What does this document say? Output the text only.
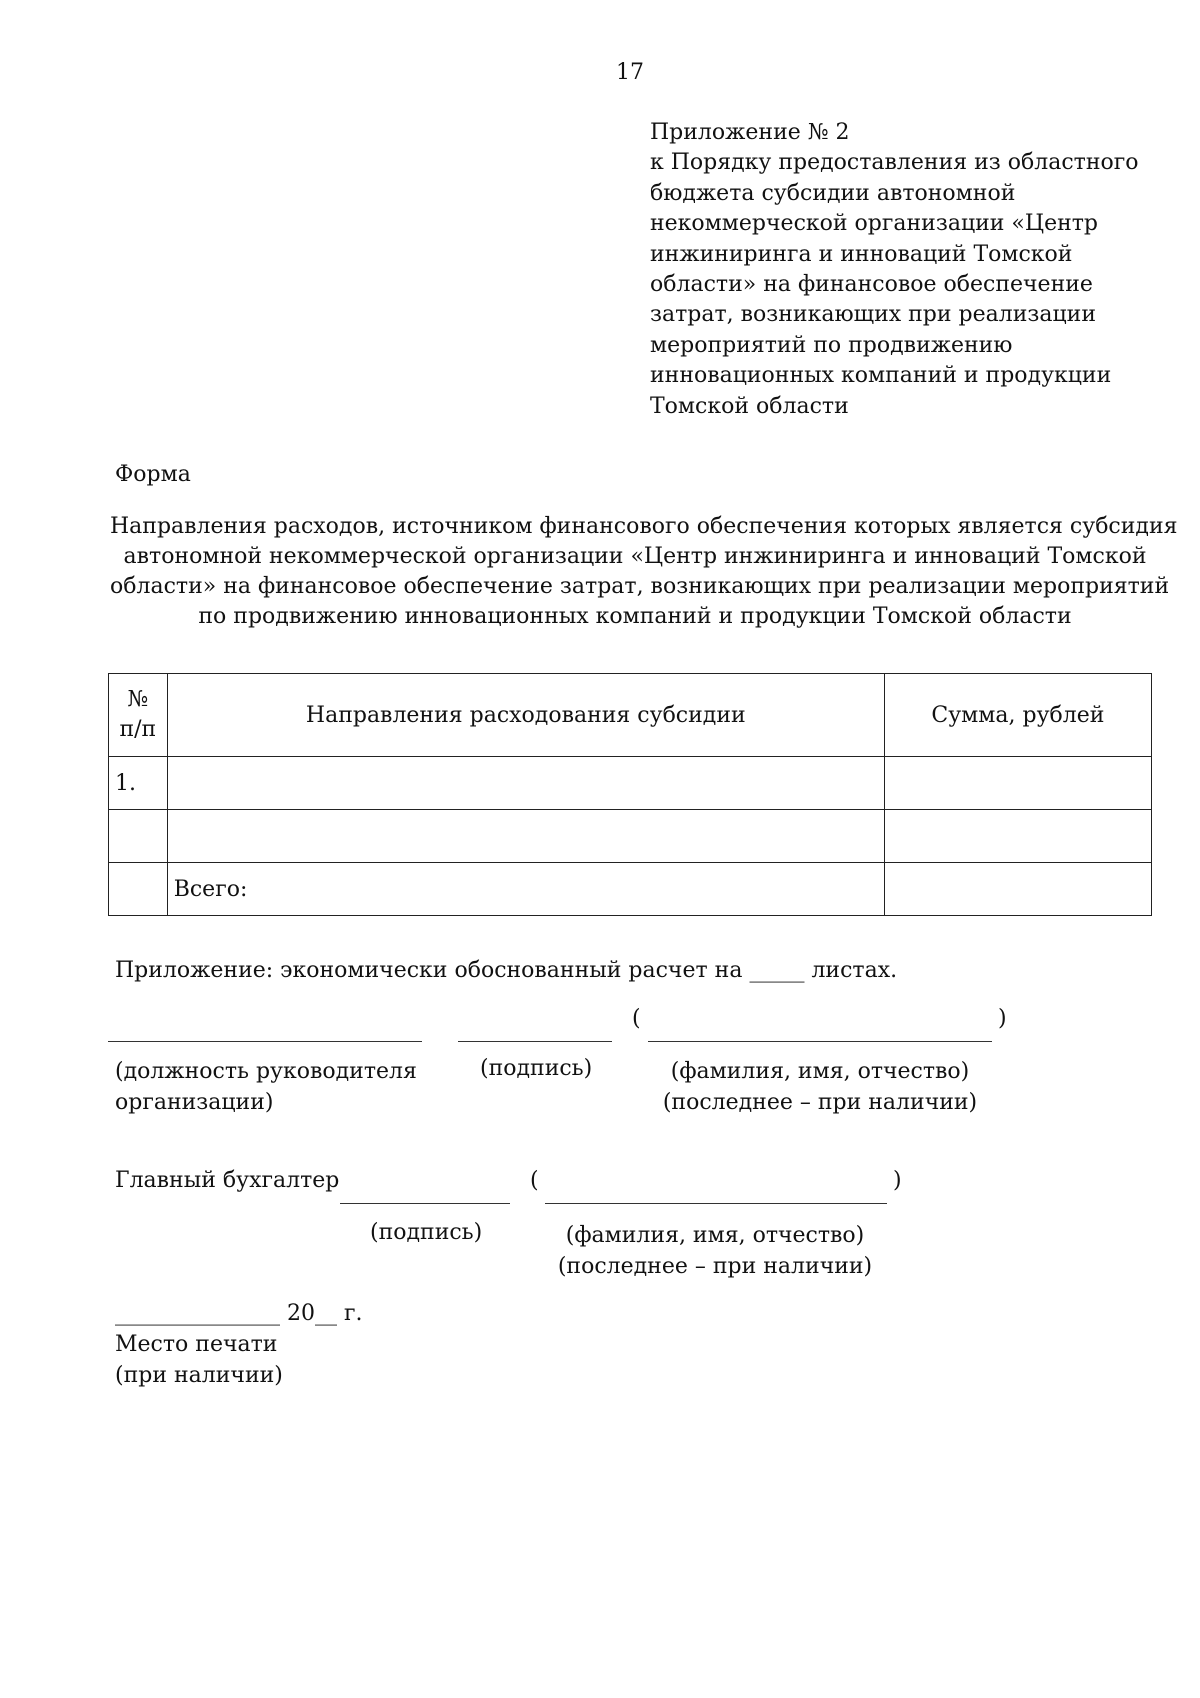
17
Приложение № 2
к Порядку предоставления из областного
бюджета субсидии автономной
некоммерческой организации «Центр
инжиниринга и инноваций Томской
области» на финансовое обеспечение
затрат, возникающих при реализации
мероприятий по продвижению
инновационных компаний и продукции
Томской области
Форма
Направления расходов, источником финансового обеспечения которых является субсидия
автономной некоммерческой организации «Центр инжиниринга и инноваций Томской
области» на финансовое обеспечение затрат, возникающих при реализации мероприятий
по продвижению инновационных компаний и продукции Томской области
№
п/п	Направления расходования субсидии	Сумма, рублей
1.		

	Всего:	
Приложение: экономически обоснованный расчет на _____ листах.
(	)
(должность руководителя
организации)
(подпись)	(фамилия, имя, отчество)
(последнее – при наличии)
Главный бухгалтер	(	)
(подпись)	(фамилия, имя, отчество)
(последнее – при наличии)
_______________ 20__ г.
Место печати
(при наличии)
